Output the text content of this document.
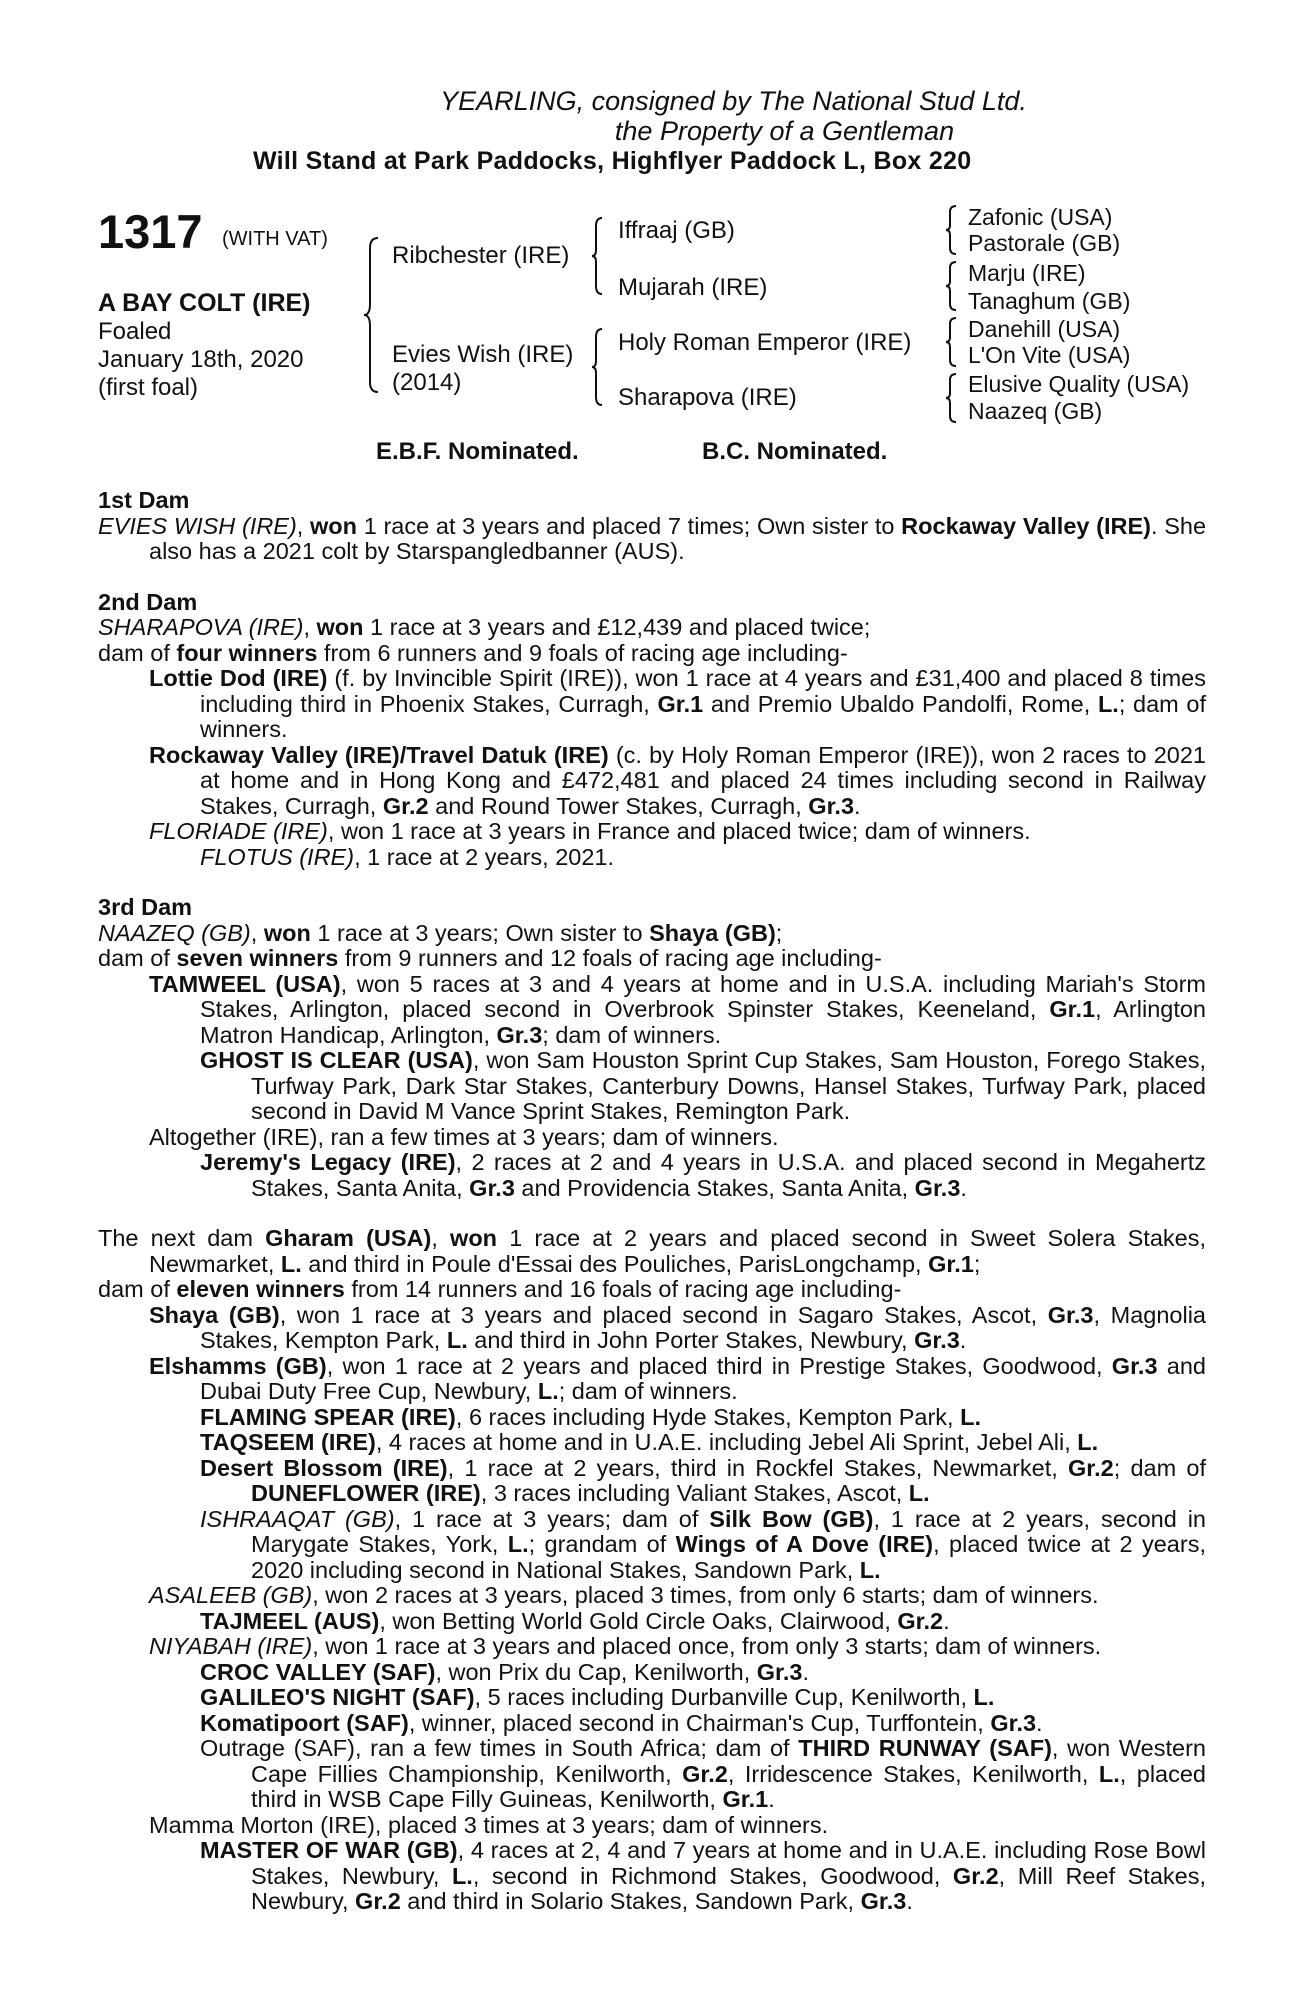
YEARLING, consigned by The National Stud Ltd.
the Property of a Gentleman
Will Stand at Park Paddocks, Highflyer Paddock L, Box 220
1317 (WITH VAT)
A BAY COLT (IRE)
Foaled
January 18th, 2020
(first foal)
Ribchester (IRE)
Evies Wish (IRE)
(2014)
Iffraaj (GB)
Mujarah (IRE)
Holy Roman Emperor (IRE)
Sharapova (IRE)
Zafonic (USA)
Pastorale (GB)
Marju (IRE)
Tanaghum (GB)
Danehill (USA)
L'On Vite (USA)
Elusive Quality (USA)
Naazeq (GB)
E.B.F. Nominated.	B.C. Nominated.

1st Dam

EVIES WISH (IRE), won 1 race at 3 years and placed 7 times; Own sister to Rockaway Valley (IRE). She also has a 2021 colt by Starspangledbanner (AUS).

2nd Dam

SHARAPOVA (IRE), won 1 race at 3 years and £12,439 and placed twice;

dam of four winners from 6 runners and 9 foals of racing age including-

Lottie Dod (IRE) (f. by Invincible Spirit (IRE)), won 1 race at 4 years and £31,400 and placed 8 times including third in Phoenix Stakes, Curragh, Gr.1 and Premio Ubaldo Pandolfi, Rome, L.; dam of winners.

Rockaway Valley (IRE)/Travel Datuk (IRE) (c. by Holy Roman Emperor (IRE)), won 2 races to 2021 at home and in Hong Kong and £472,481 and placed 24 times including second in Railway Stakes, Curragh, Gr.2 and Round Tower Stakes, Curragh, Gr.3.

FLORIADE (IRE), won 1 race at 3 years in France and placed twice; dam of winners.

FLOTUS (IRE), 1 race at 2 years, 2021.

3rd Dam

NAAZEQ (GB), won 1 race at 3 years; Own sister to Shaya (GB);

dam of seven winners from 9 runners and 12 foals of racing age including-

TAMWEEL (USA), won 5 races at 3 and 4 years at home and in U.S.A. including Mariah's Storm Stakes, Arlington, placed second in Overbrook Spinster Stakes, Keeneland, Gr.1, Arlington Matron Handicap, Arlington, Gr.3; dam of winners.

GHOST IS CLEAR (USA), won Sam Houston Sprint Cup Stakes, Sam Houston, Forego Stakes, Turfway Park, Dark Star Stakes, Canterbury Downs, Hansel Stakes, Turfway Park, placed second in David M Vance Sprint Stakes, Remington Park.

Altogether (IRE), ran a few times at 3 years; dam of winners.

Jeremy's Legacy (IRE), 2 races at 2 and 4 years in U.S.A. and placed second in Megahertz Stakes, Santa Anita, Gr.3 and Providencia Stakes, Santa Anita, Gr.3.

The next dam Gharam (USA), won 1 race at 2 years and placed second in Sweet Solera Stakes, Newmarket, L. and third in Poule d'Essai des Pouliches, ParisLongchamp, Gr.1;

dam of eleven winners from 14 runners and 16 foals of racing age including-

Shaya (GB), won 1 race at 3 years and placed second in Sagaro Stakes, Ascot, Gr.3, Magnolia Stakes, Kempton Park, L. and third in John Porter Stakes, Newbury, Gr.3.

Elshamms (GB), won 1 race at 2 years and placed third in Prestige Stakes, Goodwood, Gr.3 and Dubai Duty Free Cup, Newbury, L.; dam of winners.

FLAMING SPEAR (IRE), 6 races including Hyde Stakes, Kempton Park, L.

TAQSEEM (IRE), 4 races at home and in U.A.E. including Jebel Ali Sprint, Jebel Ali, L.

Desert Blossom (IRE), 1 race at 2 years, third in Rockfel Stakes, Newmarket, Gr.2; dam of DUNEFLOWER (IRE), 3 races including Valiant Stakes, Ascot, L.

ISHRAAQAT (GB), 1 race at 3 years; dam of Silk Bow (GB), 1 race at 2 years, second in Marygate Stakes, York, L.; grandam of Wings of A Dove (IRE), placed twice at 2 years, 2020 including second in National Stakes, Sandown Park, L.

ASALEEB (GB), won 2 races at 3 years, placed 3 times, from only 6 starts; dam of winners.

TAJMEEL (AUS), won Betting World Gold Circle Oaks, Clairwood, Gr.2.

NIYABAH (IRE), won 1 race at 3 years and placed once, from only 3 starts; dam of winners.

CROC VALLEY (SAF), won Prix du Cap, Kenilworth, Gr.3.

GALILEO'S NIGHT (SAF), 5 races including Durbanville Cup, Kenilworth, L.

Komatipoort (SAF), winner, placed second in Chairman's Cup, Turffontein, Gr.3.

Outrage (SAF), ran a few times in South Africa; dam of THIRD RUNWAY (SAF), won Western Cape Fillies Championship, Kenilworth, Gr.2, Irridescence Stakes, Kenilworth, L., placed third in WSB Cape Filly Guineas, Kenilworth, Gr.1.

Mamma Morton (IRE), placed 3 times at 3 years; dam of winners.

MASTER OF WAR (GB), 4 races at 2, 4 and 7 years at home and in U.A.E. including Rose Bowl Stakes, Newbury, L., second in Richmond Stakes, Goodwood, Gr.2, Mill Reef Stakes, Newbury, Gr.2 and third in Solario Stakes, Sandown Park, Gr.3.
